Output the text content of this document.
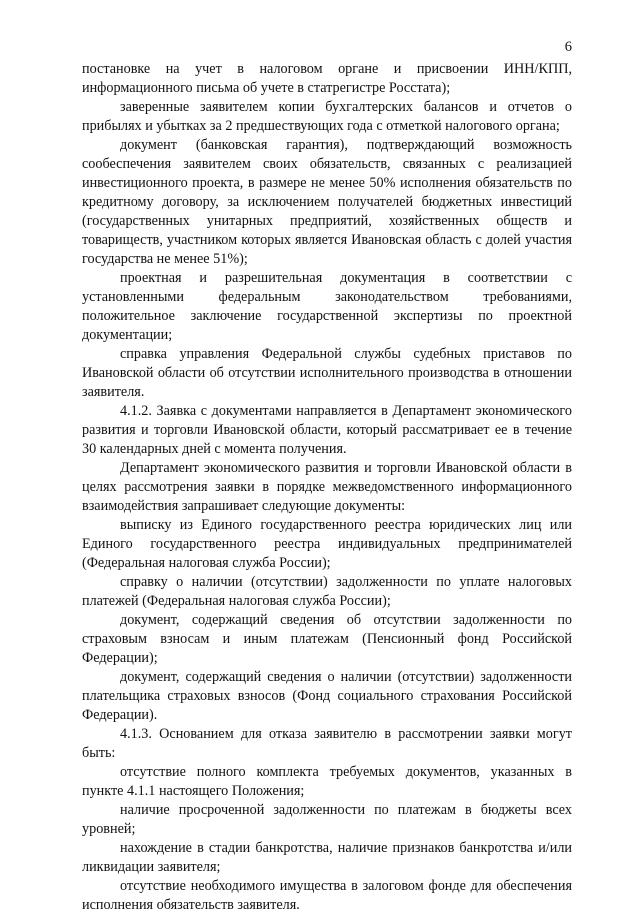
6

постановке на учет в налоговом органе и присвоении ИНН/КПП, информационного письма об учете в статрегистре Росстата);

заверенные заявителем копии бухгалтерских балансов и отчетов о прибылях и убытках за 2 предшествующих года с отметкой налогового органа;

документ (банковская гарантия), подтверждающий возможность сообеспечения заявителем своих обязательств, связанных с реализацией инвестиционного проекта, в размере не менее 50% исполнения обязательств по кредитному договору, за исключением получателей бюджетных инвестиций (государственных унитарных предприятий, хозяйственных обществ и товариществ, участником которых является Ивановская область с долей участия государства не менее 51%);

проектная и разрешительная документация в соответствии с установленными федеральным законодательством требованиями, положительное заключение государственной экспертизы по проектной документации;

справка управления Федеральной службы судебных приставов по Ивановской области об отсутствии исполнительного производства в отношении заявителя.

4.1.2. Заявка с документами направляется в Департамент экономического развития и торговли Ивановской области, который рассматривает ее в течение 30 календарных дней с момента получения.

Департамент экономического развития и торговли Ивановской области в целях рассмотрения заявки в порядке межведомственного информационного взаимодействия запрашивает следующие документы:

выписку из Единого государственного реестра юридических лиц или Единого государственного реестра индивидуальных предпринимателей (Федеральная налоговая служба России);

справку о наличии (отсутствии) задолженности по уплате налоговых платежей (Федеральная налоговая служба России);

документ, содержащий сведения об отсутствии задолженности по страховым взносам и иным платежам (Пенсионный фонд Российской Федерации);

документ, содержащий сведения о наличии (отсутствии) задолженности плательщика страховых взносов (Фонд социального страхования Российской Федерации).

4.1.3. Основанием для отказа заявителю в рассмотрении заявки могут быть:

отсутствие полного комплекта требуемых документов, указанных в пункте 4.1.1 настоящего Положения;

наличие просроченной задолженности по платежам в бюджеты всех уровней;

нахождение в стадии банкротства, наличие признаков банкротства и/или ликвидации заявителя;

отсутствие необходимого имущества в залоговом фонде для обеспечения исполнения обязательств заявителя.
